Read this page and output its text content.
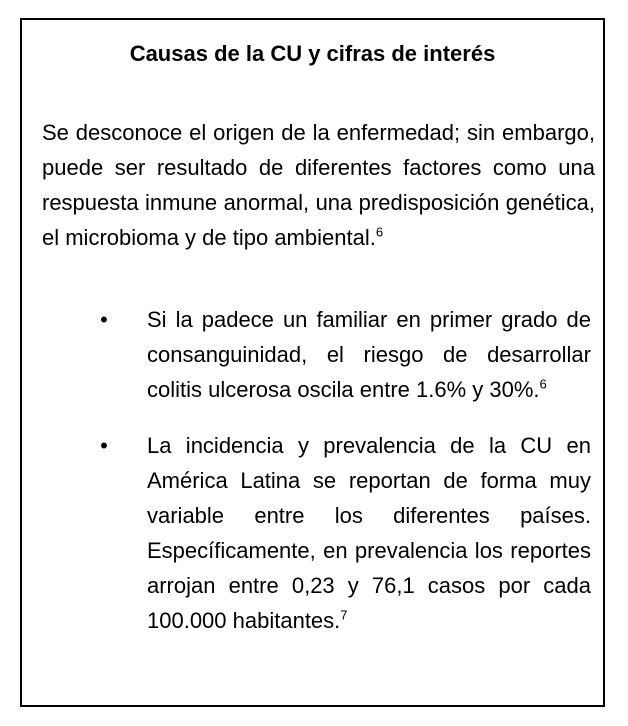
Causas de la CU y cifras de interés

Se desconoce el origen de la enfermedad; sin embargo, puede ser resultado de diferentes factores como una respuesta inmune anormal, una predisposición genética, el microbioma y de tipo ambiental.$^6$

• Si la padece un familiar en primer grado de consanguinidad, el riesgo de desarrollar colitis ulcerosa oscila entre 1.6% y 30%.$^6$
• La incidencia y prevalencia de la CU en América Latina se reportan de forma muy variable entre los diferentes países. Específicamente, en prevalencia los reportes arrojan entre 0,23 y 76,1 casos por cada 100.000 habitantes.$^7$
